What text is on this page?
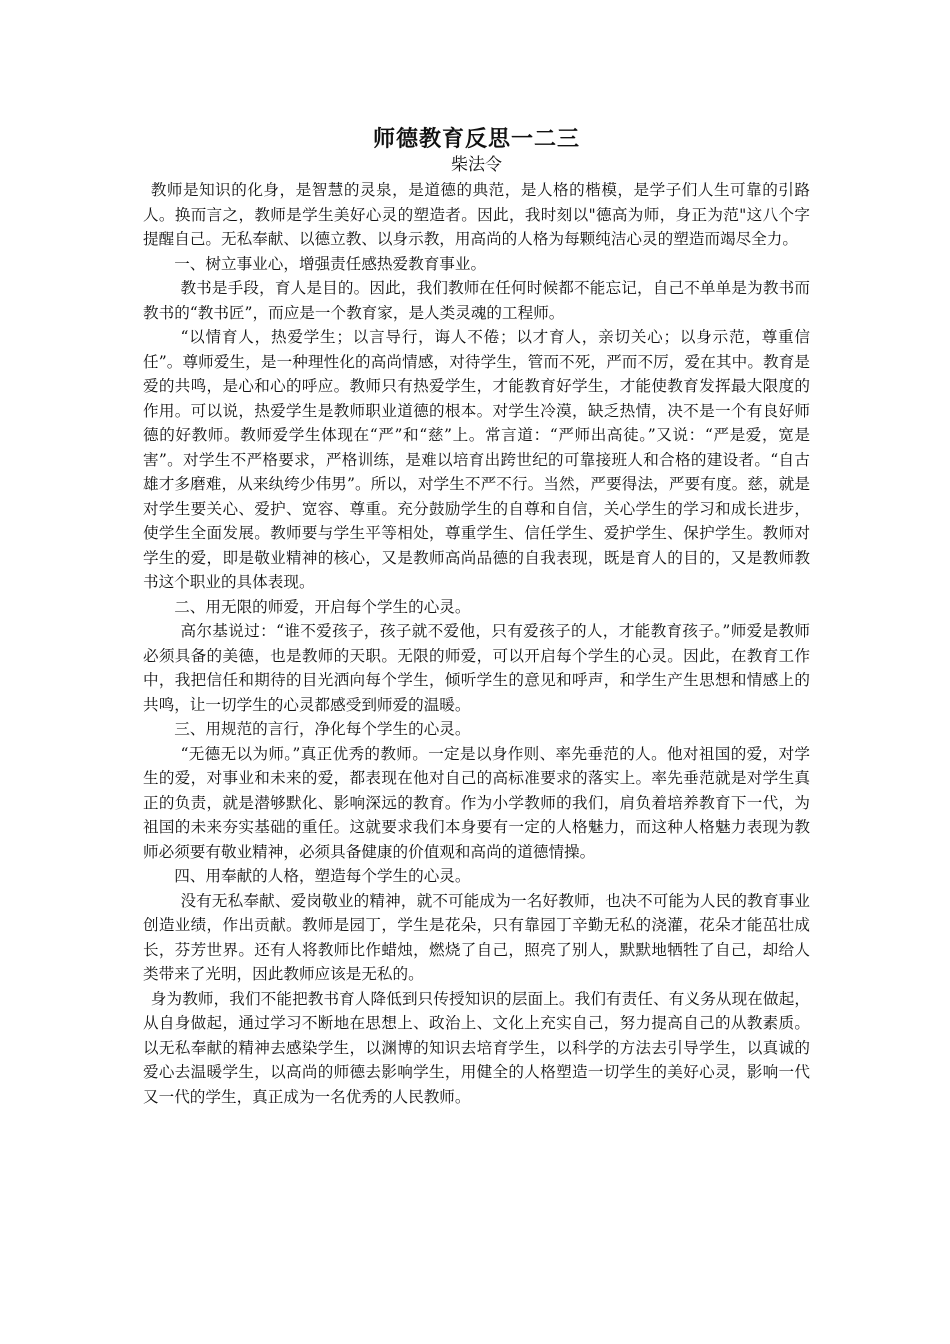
师德教育反思一二三
柴法令

教师是知识的化身，是智慧的灵泉，是道德的典范，是人格的楷模，是学子们人生可靠的引路人。换而言之，教师是学生美好心灵的塑造者。因此，我时刻以"德高为师，身正为范"这八个字提醒自己。无私奉献、以德立教、以身示教，用高尚的人格为每颗纯洁心灵的塑造而竭尽全力。

一、树立事业心，增强责任感热爱教育事业。

教书是手段，育人是目的。因此，我们教师在任何时候都不能忘记，自己不单单是为教书而教书的“教书匠”，而应是一个教育家，是人类灵魂的工程师。

“以情育人，热爱学生；以言导行，诲人不倦；以才育人，亲切关心；以身示范，尊重信任”。尊师爱生，是一种理性化的高尚情感，对待学生，管而不死，严而不厉，爱在其中。教育是爱的共鸣，是心和心的呼应。教师只有热爱学生，才能教育好学生，才能使教育发挥最大限度的作用。可以说，热爱学生是教师职业道德的根本。对学生冷漠，缺乏热情，决不是一个有良好师德的好教师。教师爱学生体现在“严”和“慈”上。常言道：“严师出高徒。”又说：“严是爱，宽是害”。对学生不严格要求，严格训练，是难以培育出跨世纪的可靠接班人和合格的建设者。“自古雄才多磨难，从来纨绔少伟男”。所以，对学生不严不行。当然，严要得法，严要有度。慈，就是对学生要关心、爱护、宽容、尊重。充分鼓励学生的自尊和自信，关心学生的学习和成长进步，使学生全面发展。教师要与学生平等相处，尊重学生、信任学生、爱护学生、保护学生。教师对学生的爱，即是敬业精神的核心，又是教师高尚品德的自我表现，既是育人的目的，又是教师教书这个职业的具体表现。

二、用无限的师爱，开启每个学生的心灵。

高尔基说过：“谁不爱孩子，孩子就不爱他，只有爱孩子的人，才能教育孩子。”师爱是教师必须具备的美德，也是教师的天职。无限的师爱，可以开启每个学生的心灵。因此，在教育工作中，我把信任和期待的目光洒向每个学生，倾听学生的意见和呼声，和学生产生思想和情感上的共鸣，让一切学生的心灵都感受到师爱的温暖。

三、用规范的言行，净化每个学生的心灵。

“无德无以为师。”真正优秀的教师。一定是以身作则、率先垂范的人。他对祖国的爱，对学生的爱，对事业和未来的爱，都表现在他对自己的高标准要求的落实上。率先垂范就是对学生真正的负责，就是潜够默化、影响深远的教育。作为小学教师的我们，肩负着培养教育下一代，为祖国的未来夯实基础的重任。这就要求我们本身要有一定的人格魅力，而这种人格魅力表现为教师必须要有敬业精神，必须具备健康的价值观和高尚的道德情操。

四、用奉献的人格，塑造每个学生的心灵。

没有无私奉献、爱岗敬业的精神，就不可能成为一名好教师，也决不可能为人民的教育事业创造业绩，作出贡献。教师是园丁，学生是花朵，只有靠园丁辛勤无私的浇灌，花朵才能茁壮成长，芬芳世界。还有人将教师比作蜡烛，燃烧了自己，照亮了别人，默默地牺牲了自己，却给人类带来了光明，因此教师应该是无私的。

身为教师，我们不能把教书育人降低到只传授知识的层面上。我们有责任、有义务从现在做起，从自身做起，通过学习不断地在思想上、政治上、文化上充实自己，努力提高自己的从教素质。以无私奉献的精神去感染学生，以渊博的知识去培育学生，以科学的方法去引导学生，以真诚的爱心去温暖学生，以高尚的师德去影响学生，用健全的人格塑造一切学生的美好心灵，影响一代又一代的学生，真正成为一名优秀的人民教师。
